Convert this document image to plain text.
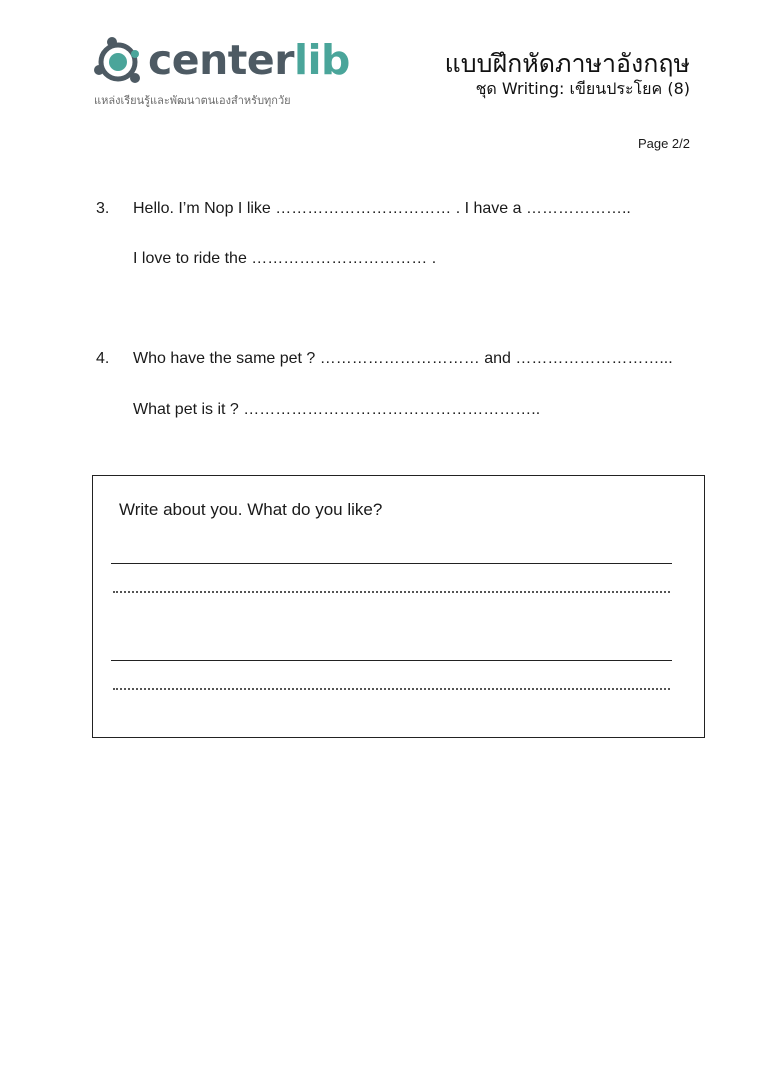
centerlib
แหล่งเรียนรู้และพัฒนาตนเองสำหรับทุกวัย
แบบฝึกหัดภาษาอังกฤษ
ชุด Writing: เขียนประโยค (8)
Page 2/2
3. Hello. I’m Nop I like …………………………… . I have a ………………..
I love to ride the …………………………… .
4. Who have the same pet ? ………………………… and ………………………...
What pet is it ? ………………………………………………..
Write about you. What do you like?
